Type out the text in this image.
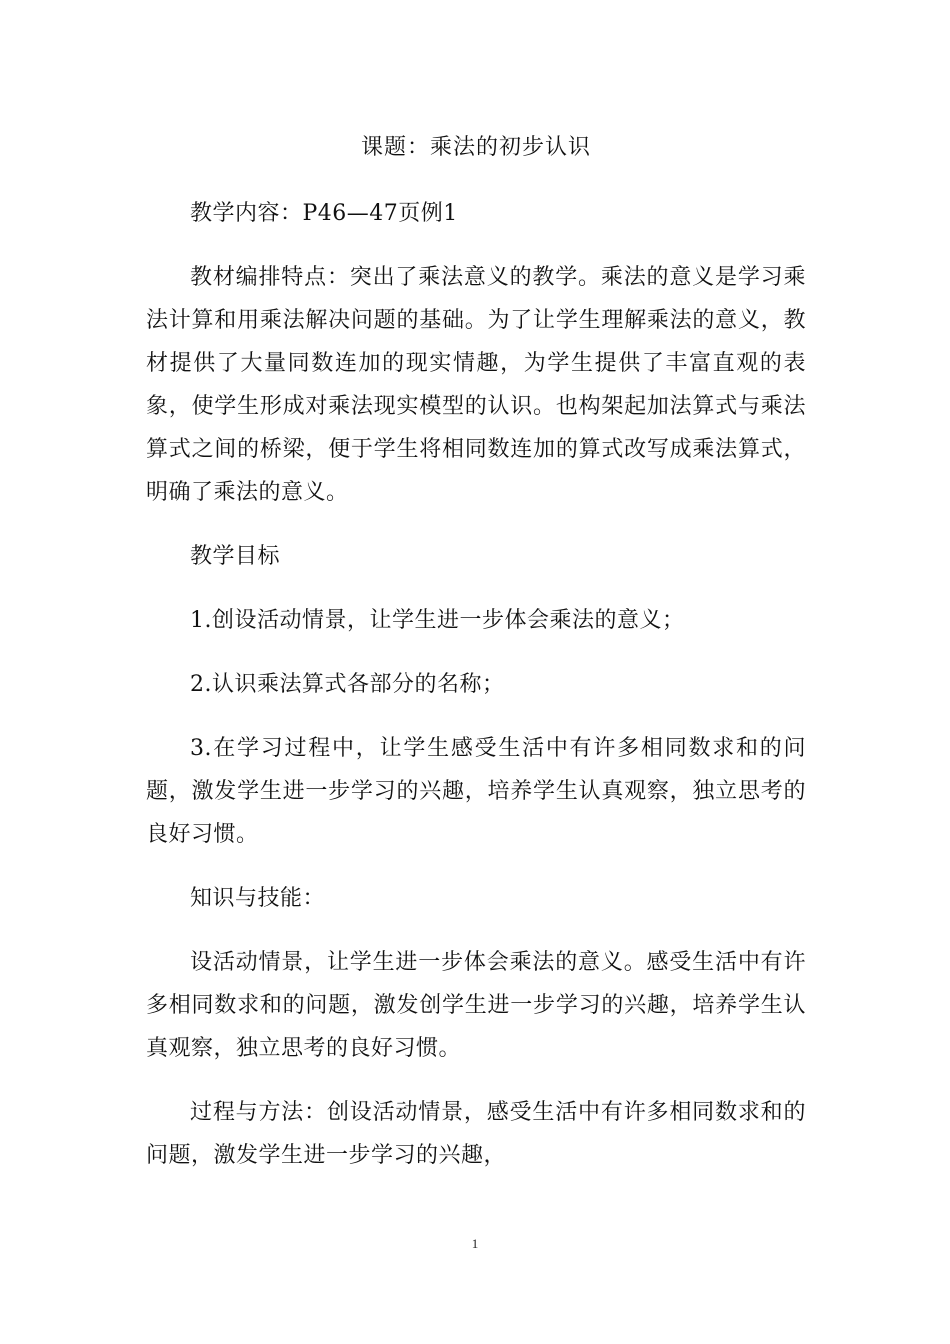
课题：乘法的初步认识
教学内容：P46—47页例1
教材编排特点：突出了乘法意义的教学。乘法的意义是学习乘法计算和用乘法解决问题的基础。为了让学生理解乘法的意义，教材提供了大量同数连加的现实情趣，为学生提供了丰富直观的表象，使学生形成对乘法现实模型的认识。也构架起加法算式与乘法算式之间的桥梁，便于学生将相同数连加的算式改写成乘法算式，明确了乘法的意义。
教学目标
1.创设活动情景，让学生进一步体会乘法的意义；
2.认识乘法算式各部分的名称；
3.在学习过程中，让学生感受生活中有许多相同数求和的问题，激发学生进一步学习的兴趣，培养学生认真观察，独立思考的良好习惯。
知识与技能：
设活动情景，让学生进一步体会乘法的意义。感受生活中有许多相同数求和的问题，激发创学生进一步学习的兴趣，培养学生认真观察，独立思考的良好习惯。
过程与方法：创设活动情景，感受生活中有许多相同数求和的问题，激发学生进一步学习的兴趣，
1
